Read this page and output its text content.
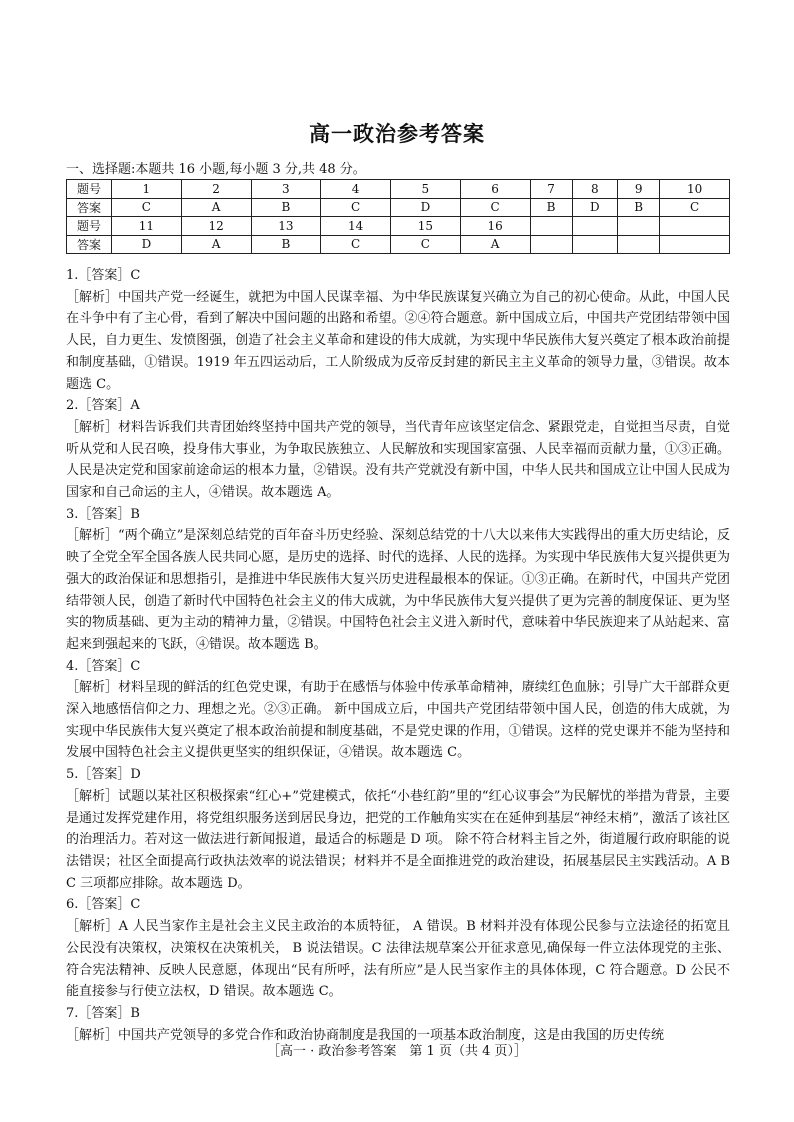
高一政治参考答案
一、选择题:本题共 16 小题,每小题 3 分,共 48 分。
题号	1	2	3	4	5	6	7	8	9	10
答案	C	A	B	C	D	C	B	D	B	C
题号	11	12	13	14	15	16				
答案	D	A	B	C	C	A				

1.［答案］C

［解析］中国共产党一经诞生，就把为中国人民谋幸福、为中华民族谋复兴确立为自己的初心使命。从此，中国人民在斗争中有了主心骨，看到了解决中国问题的出路和希望。②④符合题意。新中国成立后，中国共产党团结带领中国人民，自力更生、发愤图强，创造了社会主义革命和建设的伟大成就，为实现中华民族伟大复兴奠定了根本政治前提和制度基础，①错误。1919 年五四运动后，工人阶级成为反帝反封建的新民主主义革命的领导力量，③错误。故本题选 C。

2.［答案］A

［解析］材料告诉我们共青团始终坚持中国共产党的领导，当代青年应该坚定信念、紧跟党走，自觉担当尽责，自觉听从党和人民召唤，投身伟大事业，为争取民族独立、人民解放和实现国家富强、人民幸福而贡献力量，①③正确。人民是决定党和国家前途命运的根本力量，②错误。没有共产党就没有新中国，中华人民共和国成立让中国人民成为国家和自己命运的主人，④错误。故本题选 A。

3.［答案］B

［解析］“两个确立”是深刻总结党的百年奋斗历史经验、深刻总结党的十八大以来伟大实践得出的重大历史结论，反映了全党全军全国各族人民共同心愿，是历史的选择、时代的选择、人民的选择。为实现中华民族伟大复兴提供更为强大的政治保证和思想指引，是推进中华民族伟大复兴历史进程最根本的保证。①③正确。在新时代，中国共产党团结带领人民，创造了新时代中国特色社会主义的伟大成就，为中华民族伟大复兴提供了更为完善的制度保证、更为坚实的物质基础、更为主动的精神力量，②错误。中国特色社会主义进入新时代，意味着中华民族迎来了从站起来、富起来到强起来的飞跃，④错误。故本题选 B。

4.［答案］C

［解析］材料呈现的鲜活的红色党史课，有助于在感悟与体验中传承革命精神，赓续红色血脉；引导广大干部群众更深入地感悟信仰之力、理想之光。②③正确。 新中国成立后，中国共产党团结带领中国人民，创造的伟大成就，为实现中华民族伟大复兴奠定了根本政治前提和制度基础，不是党史课的作用，①错误。这样的党史课并不能为坚持和发展中国特色社会主义提供更坚实的组织保证，④错误。故本题选 C。

5.［答案］D

［解析］试题以某社区积极探索“红心+”党建模式，依托“小巷红韵”里的“红心议事会”为民解忧的举措为背景，主要是通过发挥党建作用，将党组织服务送到居民身边，把党的工作触角实实在在延伸到基层“神经末梢”，激活了该社区的治理活力。若对这一做法进行新闻报道，最适合的标题是 D 项。 除不符合材料主旨之外，街道履行政府职能的说法错误；社区全面提高行政执法效率的说法错误；材料并不是全面推进党的政治建设，拓展基层民主实践活动。A B C 三项都应排除。故本题选 D。

6.［答案］C

［解析］A 人民当家作主是社会主义民主政治的本质特征， A 错误。B 材料并没有体现公民参与立法途径的拓宽且公民没有决策权，决策权在决策机关， B 说法错误。C 法律法规草案公开征求意见,确保每一件立法体现党的主张、符合宪法精神、反映人民意愿，体现出“民有所呼，法有所应”是人民当家作主的具体体现，C 符合题意。D 公民不能直接参与行使立法权，D 错误。故本题选 C。

7.［答案］B

［解析］中国共产党领导的多党合作和政治协商制度是我国的一项基本政治制度，这是由我国的历史传统

［高一 · 政治参考答案　第 1 页（共 4 页）］
